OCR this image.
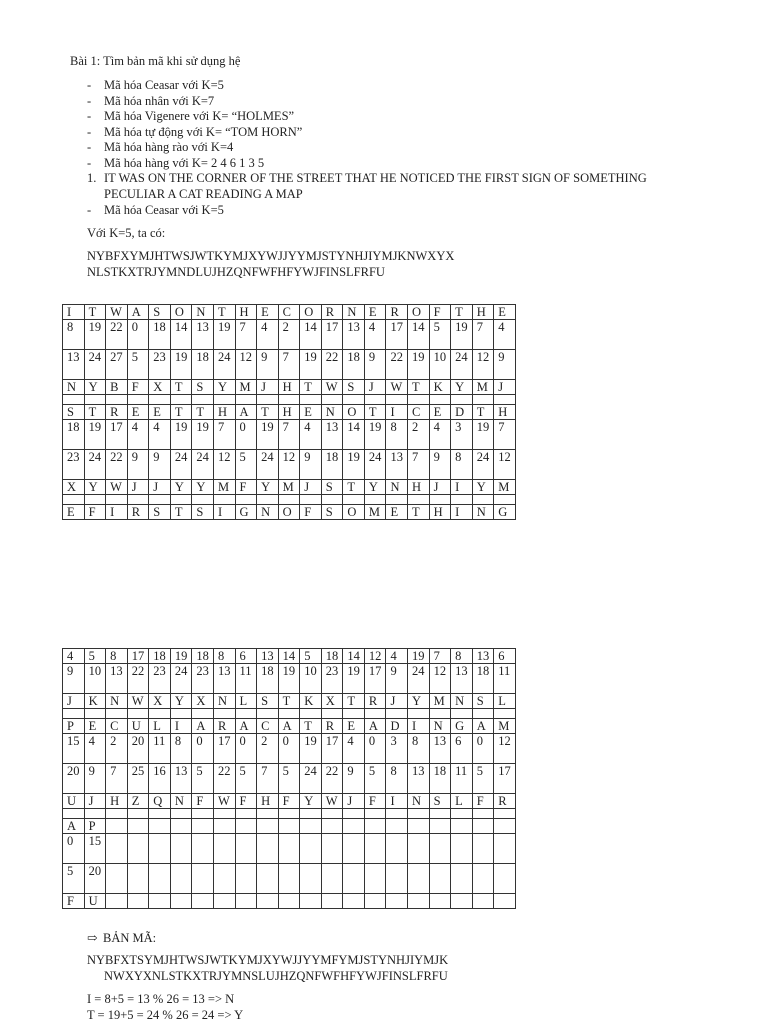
Bài 1: Tìm bản mã khi sử dụng hệ
- Mã hóa Ceasar với K=5
- Mã hóa nhân với K=7
- Mã hóa Vigenere với K= “HOLMES”
- Mã hóa tự động với K= “TOM HORN”
- Mã hóa hàng rào với K=4
- Mã hóa hàng với K= 2 4 6 1 3 5
1. IT WAS ON THE CORNER OF THE STREET THAT HE NOTICED THE FIRST SIGN OF SOMETHING
PECULIAR A CAT READING A MAP
- Mã hóa Ceasar với K=5
Với K=5, ta có:
NYBFXYMJHTWSJWTKYMJXYWJJYYMJSTYNHJIYMJKNWXYX
NLSTKXTRJYMNDLUJHZQNFWFHFYWJFINSLFRFU
I	T	W	A	S	O	N	T	H	E	C	O	R	N	E	R	O	F	T	H	E
8	19	22	0	18	14	13	19	7	4	2	14	17	13	4	17	14	5	19	7	4
13	24	27	5	23	19	18	24	12	9	7	19	22	18	9	22	19	10	24	12	9
N	Y	B	F	X	T	S	Y	M	J	H	T	W	S	J	W	T	K	Y	M	J

S	T	R	E	E	T	T	H	A	T	H	E	N	O	T	I	C	E	D	T	H
18	19	17	4	4	19	19	7	0	19	7	4	13	14	19	8	2	4	3	19	7
23	24	22	9	9	24	24	12	5	24	12	9	18	19	24	13	7	9	8	24	12
X	Y	W	J	J	Y	Y	M	F	Y	M	J	S	T	Y	N	H	J	I	Y	M

E	F	I	R	S	T	S	I	G	N	O	F	S	O	M	E	T	H	I	N	G
4	5	8	17	18	19	18	8	6	13	14	5	18	14	12	4	19	7	8	13	6
9	10	13	22	23	24	23	13	11	18	19	10	23	19	17	9	24	12	13	18	11
J	K	N	W	X	Y	X	N	L	S	T	K	X	T	R	J	Y	M	N	S	L

P	E	C	U	L	I	A	R	A	C	A	T	R	E	A	D	I	N	G	A	M
15	4	2	20	11	8	0	17	0	2	0	19	17	4	0	3	8	13	6	0	12
20	9	7	25	16	13	5	22	5	7	5	24	22	9	5	8	13	18	11	5	17
U	J	H	Z	Q	N	F	W	F	H	F	Y	W	J	F	I	N	S	L	F	R

A	P																			
0	15																			
5	20																			
F	U																			
⇨ BẢN MÃ:
NYBFXTSYMJHTWSJWTKYMJXYWJJYYMFYMJSTYNHJIYMJK
NWXYXNLSTKXTRJYMNSLUJHZQNFWFHFYWJFINSLFRFU
I = 8+5 = 13 % 26 = 13 => N
T = 19+5 = 24 % 26 = 24 => Y
